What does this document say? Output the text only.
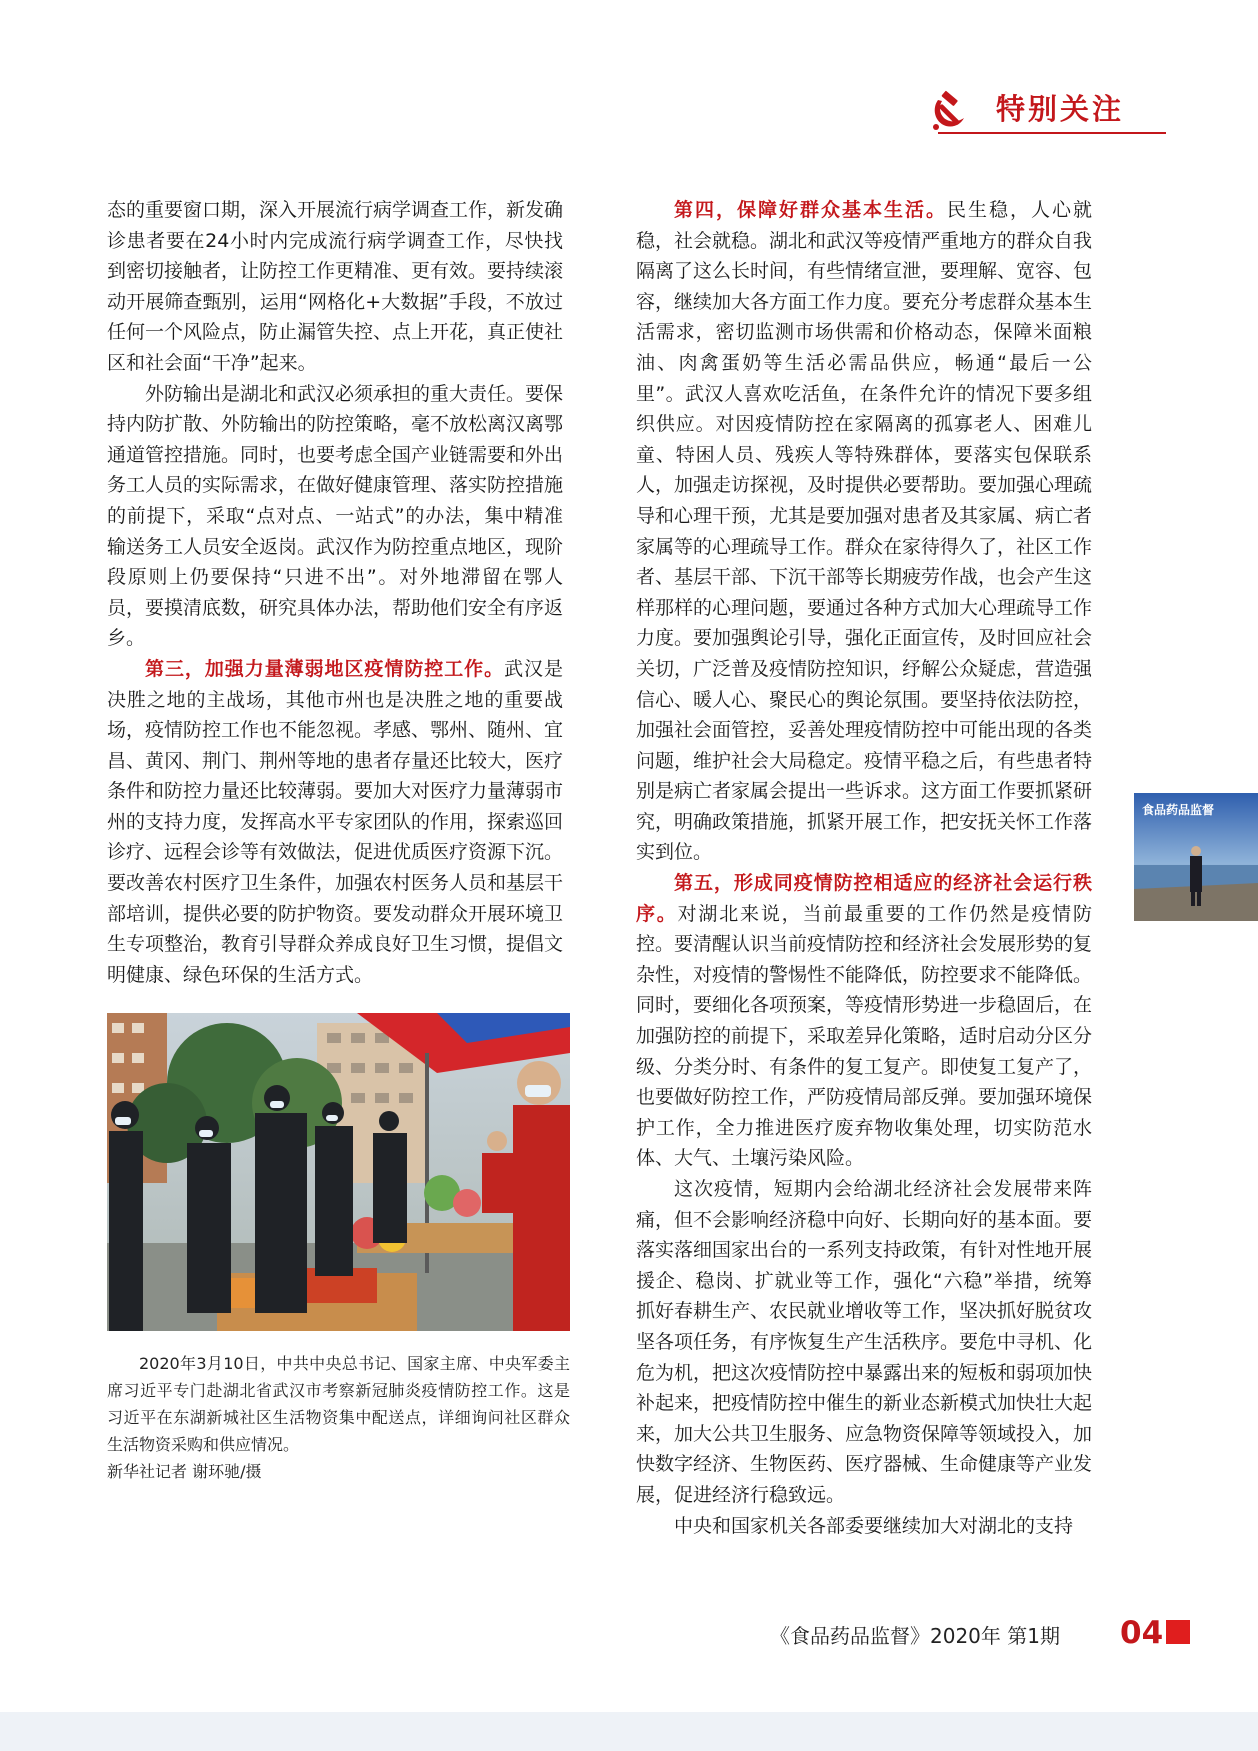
特别关注

态的重要窗口期，深入开展流行病学调查工作，新发确诊患者要在24小时内完成流行病学调查工作，尽快找到密切接触者，让防控工作更精准、更有效。要持续滚动开展筛查甄别，运用“网格化+大数据”手段，不放过任何一个风险点，防止漏管失控、点上开花，真正使社区和社会面“干净”起来。

外防输出是湖北和武汉必须承担的重大责任。要保持内防扩散、外防输出的防控策略，毫不放松离汉离鄂通道管控措施。同时，也要考虑全国产业链需要和外出务工人员的实际需求，在做好健康管理、落实防控措施的前提下，采取“点对点、一站式”的办法，集中精准输送务工人员安全返岗。武汉作为防控重点地区，现阶段原则上仍要保持“只进不出”。对外地滞留在鄂人员，要摸清底数，研究具体办法，帮助他们安全有序返乡。

第三，加强力量薄弱地区疫情防控工作。武汉是决胜之地的主战场，其他市州也是决胜之地的重要战场，疫情防控工作也不能忽视。孝感、鄂州、随州、宜昌、黄冈、荆门、荆州等地的患者存量还比较大，医疗条件和防控力量还比较薄弱。要加大对医疗力量薄弱市州的支持力度，发挥高水平专家团队的作用，探索巡回诊疗、远程会诊等有效做法，促进优质医疗资源下沉。要改善农村医疗卫生条件，加强农村医务人员和基层干部培训，提供必要的防护物资。要发动群众开展环境卫生专项整治，教育引导群众养成良好卫生习惯，提倡文明健康、绿色环保的生活方式。

2020年3月10日，中共中央总书记、国家主席、中央军委主席习近平专门赴湖北省武汉市考察新冠肺炎疫情防控工作。这是习近平在东湖新城社区生活物资集中配送点，详细询问社区群众生活物资采购和供应情况。

新华社记者 谢环驰/摄

第四，保障好群众基本生活。民生稳，人心就稳，社会就稳。湖北和武汉等疫情严重地方的群众自我隔离了这么长时间，有些情绪宣泄，要理解、宽容、包容，继续加大各方面工作力度。要充分考虑群众基本生活需求，密切监测市场供需和价格动态，保障米面粮油、肉禽蛋奶等生活必需品供应，畅通“最后一公里”。武汉人喜欢吃活鱼，在条件允许的情况下要多组织供应。对因疫情防控在家隔离的孤寡老人、困难儿童、特困人员、残疾人等特殊群体，要落实包保联系人，加强走访探视，及时提供必要帮助。要加强心理疏导和心理干预，尤其是要加强对患者及其家属、病亡者家属等的心理疏导工作。群众在家待得久了，社区工作者、基层干部、下沉干部等长期疲劳作战，也会产生这样那样的心理问题，要通过各种方式加大心理疏导工作力度。要加强舆论引导，强化正面宣传，及时回应社会关切，广泛普及疫情防控知识，纾解公众疑虑，营造强信心、暖人心、聚民心的舆论氛围。要坚持依法防控，加强社会面管控，妥善处理疫情防控中可能出现的各类问题，维护社会大局稳定。疫情平稳之后，有些患者特别是病亡者家属会提出一些诉求。这方面工作要抓紧研究，明确政策措施，抓紧开展工作，把安抚关怀工作落实到位。

第五，形成同疫情防控相适应的经济社会运行秩序。对湖北来说，当前最重要的工作仍然是疫情防控。要清醒认识当前疫情防控和经济社会发展形势的复杂性，对疫情的警惕性不能降低，防控要求不能降低。同时，要细化各项预案，等疫情形势进一步稳固后，在加强防控的前提下，采取差异化策略，适时启动分区分级、分类分时、有条件的复工复产。即使复工复产了，也要做好防控工作，严防疫情局部反弹。要加强环境保护工作，全力推进医疗废弃物收集处理，切实防范水体、大气、土壤污染风险。

这次疫情，短期内会给湖北经济社会发展带来阵痛，但不会影响经济稳中向好、长期向好的基本面。要落实落细国家出台的一系列支持政策，有针对性地开展援企、稳岗、扩就业等工作，强化“六稳”举措，统筹抓好春耕生产、农民就业增收等工作，坚决抓好脱贫攻坚各项任务，有序恢复生产生活秩序。要危中寻机、化危为机，把这次疫情防控中暴露出来的短板和弱项加快补起来，把疫情防控中催生的新业态新模式加快壮大起来，加大公共卫生服务、应急物资保障等领域投入，加快数字经济、生物医药、医疗器械、生命健康等产业发展，促进经济行稳致远。

中央和国家机关各部委要继续加大对湖北的支持

食品药品监督
《食品药品监督》2020年 第1期 04
